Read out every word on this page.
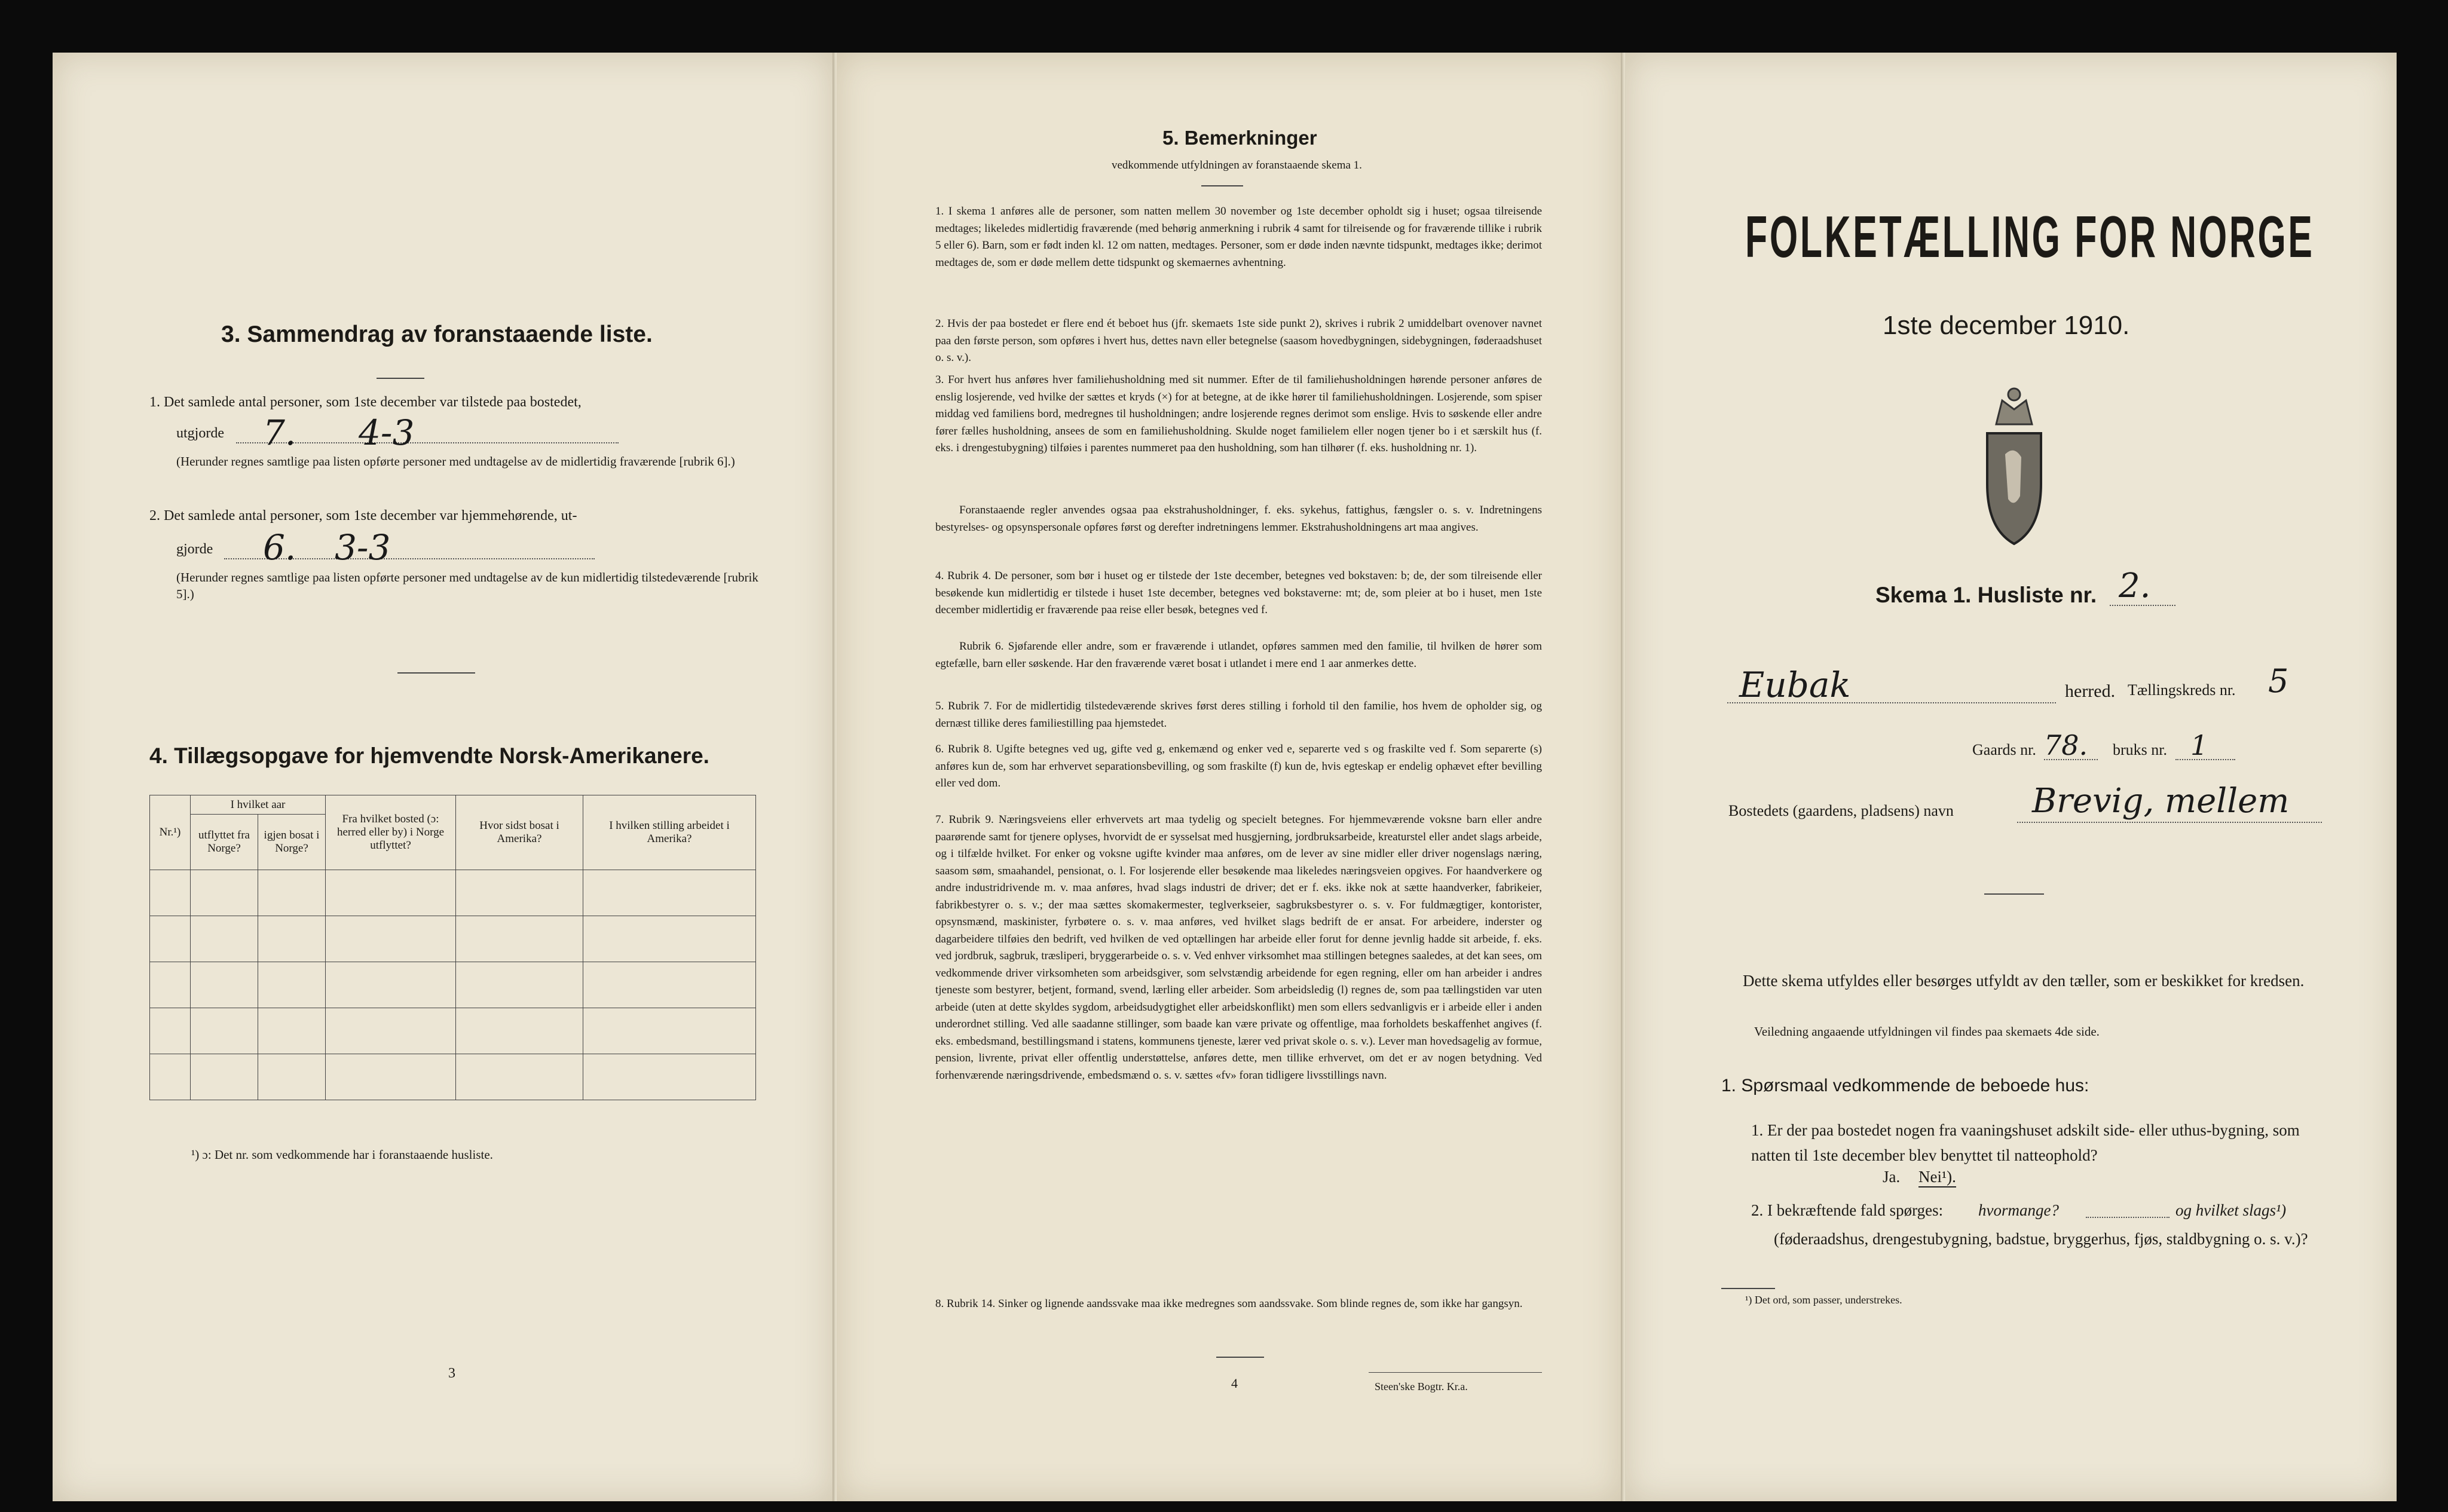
3. Sammendrag av foranstaaende liste.
1. Det samlede antal personer, som 1ste december var tilstede paa bostedet,
utgjorde 7. 4-3
(Herunder regnes samtlige paa listen opførte personer med undtagelse av de midlertidig fraværende [rubrik 6].)
2. Det samlede antal personer, som 1ste december var hjemmehørende, ut-
gjorde 6. 3-3
(Herunder regnes samtlige paa listen opførte personer med undtagelse av de kun midlertidig tilstedeværende [rubrik 5].)
4. Tillægsopgave for hjemvendte Norsk-Amerikanere.
Nr.¹)	I hvilket aar		Fra hvilket bosted (ɔ: herred eller by) i Norge utflyttet?	Hvor sidst bosat i Amerika?	I hvilken stilling arbeidet i Amerika?
	utflyttet fra Norge?	igjen bosat i Norge?			

¹) ɔ: Det nr. som vedkommende har i foranstaaende husliste.
3
5. Bemerkninger
vedkommende utfyldningen av foranstaaende skema 1.
1. I skema 1 anføres alle de personer, som natten mellem 30 november og 1ste december opholdt sig i huset; ogsaa tilreisende medtages; likeledes midlertidig fraværende (med behørig anmerkning i rubrik 4 samt for tilreisende og for fraværende tillike i rubrik 5 eller 6). Barn, som er født inden kl. 12 om natten, medtages. Personer, som er døde inden nævnte tidspunkt, medtages ikke; derimot medtages de, som er døde mellem dette tidspunkt og skemaernes avhentning.
2. Hvis der paa bostedet er flere end ét beboet hus (jfr. skemaets 1ste side punkt 2), skrives i rubrik 2 umiddelbart ovenover navnet paa den første person, som opføres i hvert hus, dettes navn eller betegnelse (saasom hovedbygningen, sidebygningen, føderaadshuset o. s. v.).
3. For hvert hus anføres hver familiehusholdning med sit nummer. Efter de til familiehusholdningen hørende personer anføres de enslig losjerende, ved hvilke der sættes et kryds (×) for at betegne, at de ikke hører til familiehusholdningen. Losjerende, som spiser middag ved familiens bord, medregnes til husholdningen; andre losjerende regnes derimot som enslige. Hvis to søskende eller andre fører fælles husholdning, ansees de som en familiehusholdning. Skulde noget familielem eller nogen tjener bo i et særskilt hus (f. eks. i drengestubygning) tilføies i parentes nummeret paa den husholdning, som han tilhører (f. eks. husholdning nr. 1).
Foranstaaende regler anvendes ogsaa paa ekstrahusholdninger, f. eks. sykehus, fattighus, fængsler o. s. v. Indretningens bestyrelses- og opsynspersonale opføres først og derefter indretningens lemmer. Ekstrahusholdningens art maa angives.
4. Rubrik 4. De personer, som bør i huset og er tilstede der 1ste december, betegnes ved bokstaven: b; de, der som tilreisende eller besøkende kun midlertidig er tilstede i huset 1ste december, betegnes ved bokstaverne: mt; de, som pleier at bo i huset, men 1ste december midlertidig er fraværende paa reise eller besøk, betegnes ved f.
Rubrik 6. Sjøfarende eller andre, som er fraværende i utlandet, opføres sammen med den familie, til hvilken de hører som egtefælle, barn eller søskende. Har den fraværende været bosat i utlandet i mere end 1 aar anmerkes dette.
5. Rubrik 7. For de midlertidig tilstedeværende skrives først deres stilling i forhold til den familie, hos hvem de opholder sig, og dernæst tillike deres familiestilling paa hjemstedet.
6. Rubrik 8. Ugifte betegnes ved ug, gifte ved g, enkemænd og enker ved e, separerte ved s og fraskilte ved f. Som separerte (s) anføres kun de, som har erhvervet separationsbevilling, og som fraskilte (f) kun de, hvis egteskap er endelig ophævet efter bevilling eller ved dom.
7. Rubrik 9. Næringsveiens eller erhvervets art maa tydelig og specielt betegnes. For hjemmeværende voksne barn eller andre paarørende samt for tjenere oplyses, hvorvidt de er sysselsat med husgjerning, jordbruksarbeide, kreaturstel eller andet slags arbeide, og i tilfælde hvilket. For enker og voksne ugifte kvinder maa anføres, om de lever av sine midler eller driver nogenslags næring, saasom søm, smaahandel, pensionat, o. l. For losjerende eller besøkende maa likeledes næringsveien opgives. For haandverkere og andre industridrivende m. v. maa anføres, hvad slags industri de driver; det er f. eks. ikke nok at sætte haandverker, fabrikeier, fabrikbestyrer o. s. v.; der maa sættes skomakermester, teglverkseier, sagbruksbestyrer o. s. v. For fuldmægtiger, kontorister, opsynsmænd, maskinister, fyrbøtere o. s. v. maa anføres, ved hvilket slags bedrift de er ansat. For arbeidere, inderster og dagarbeidere tilføies den bedrift, ved hvilken de ved optællingen har arbeide eller forut for denne jevnlig hadde sit arbeide, f. eks. ved jordbruk, sagbruk, træsliperi, bryggerarbeide o. s. v. Ved enhver virksomhet maa stillingen betegnes saaledes, at det kan sees, om vedkommende driver virksomheten som arbeidsgiver, som selvstændig arbeidende for egen regning, eller om han arbeider i andres tjeneste som bestyrer, betjent, formand, svend, lærling eller arbeider. Som arbeidsledig (l) regnes de, som paa tællingstiden var uten arbeide (uten at dette skyldes sygdom, arbeidsudygtighet eller arbeidskonflikt) men som ellers sedvanligvis er i arbeide eller i anden underordnet stilling. Ved alle saadanne stillinger, som baade kan være private og offentlige, maa forholdets beskaffenhet angives (f. eks. embedsmand, bestillingsmand i statens, kommunens tjeneste, lærer ved privat skole o. s. v.). Lever man hovedsagelig av formue, pension, livrente, privat eller offentlig understøttelse, anføres dette, men tillike erhvervet, om det er av nogen betydning. Ved forhenværende næringsdrivende, embedsmænd o. s. v. sættes «fv» foran tidligere livsstillings navn.
8. Rubrik 14. Sinker og lignende aandssvake maa ikke medregnes som aandssvake. Som blinde regnes de, som ikke har gangsyn.
4	Steen'ske Bogtr. Kr.a.
FOLKETÆLLING FOR NORGE
1ste december 1910.
Skema 1. Husliste nr. 2.
Eubak	herred. Tællingskreds nr. 5
Gaards nr. 78. bruks nr. 1
Bostedets (gaardens, pladsens) navn Brevig, mellem
Dette skema utfyldes eller besørges utfyldt av den tæller, som er beskikket for kredsen.
Veiledning angaaende utfyldningen vil findes paa skemaets 4de side.
1. Spørsmaal vedkommende de beboede hus:
1. Er der paa bostedet nogen fra vaaningshuset adskilt side- eller uthus-bygning, som natten til 1ste december blev benyttet til natteophold?
Ja. Nei¹).
2. I bekræftende fald spørges: hvormange?	og hvilket slags¹)
(føderaadshus, drengestubygning, badstue, bryggerhus, fjøs, staldbygning o. s. v.)?
¹) Det ord, som passer, understrekes.
